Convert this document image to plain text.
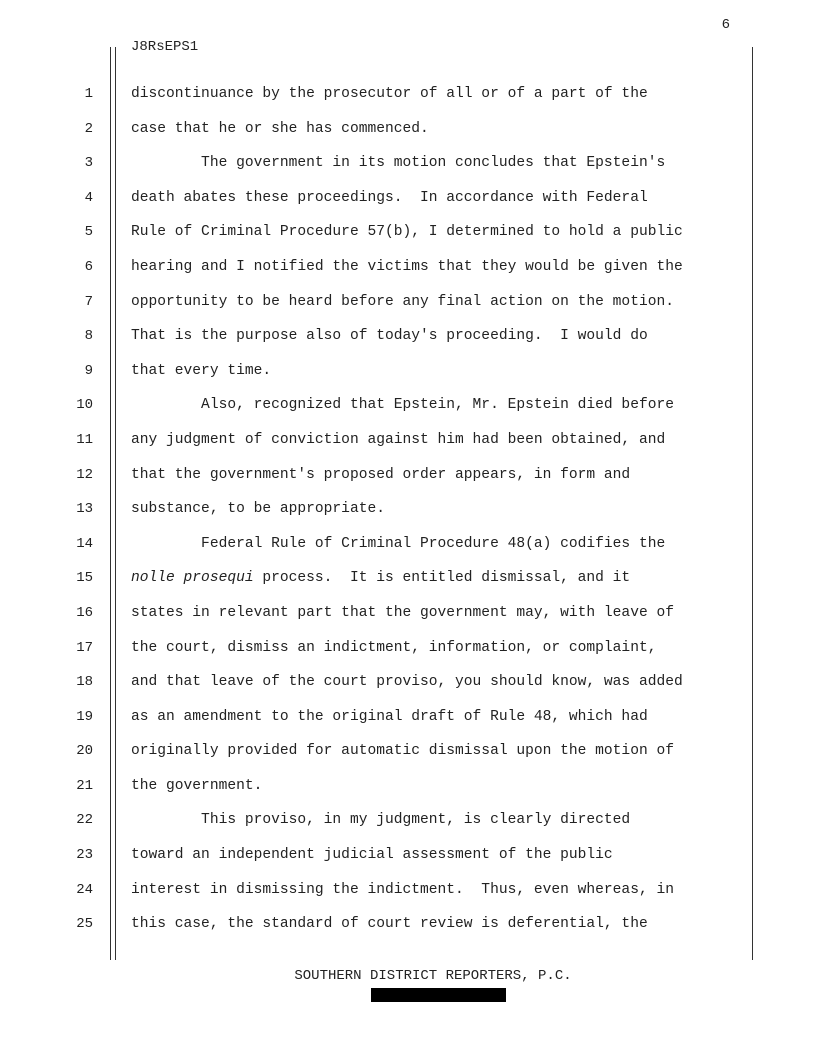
6
J8RsEPS1
1
2
3
4
5
6
7
8
9
10
11
12
13
14
15
16
17
18
19
20
21
22
23
24
25
discontinuance by the prosecutor of all or of a part of the
case that he or she has commenced.
The government in its motion concludes that Epstein's
death abates these proceedings.  In accordance with Federal
Rule of Criminal Procedure 57(b), I determined to hold a public
hearing and I notified the victims that they would be given the
opportunity to be heard before any final action on the motion.
That is the purpose also of today's proceeding.  I would do
that every time.
Also, recognized that Epstein, Mr. Epstein died before
any judgment of conviction against him had been obtained, and
that the government's proposed order appears, in form and
substance, to be appropriate.
Federal Rule of Criminal Procedure 48(a) codifies the
nolle prosequi process.  It is entitled dismissal, and it
states in relevant part that the government may, with leave of
the court, dismiss an indictment, information, or complaint,
and that leave of the court proviso, you should know, was added
as an amendment to the original draft of Rule 48, which had
originally provided for automatic dismissal upon the motion of
the government.
This proviso, in my judgment, is clearly directed
toward an independent judicial assessment of the public
interest in dismissing the indictment.  Thus, even whereas, in
this case, the standard of court review is deferential, the
SOUTHERN DISTRICT REPORTERS, P.C.
